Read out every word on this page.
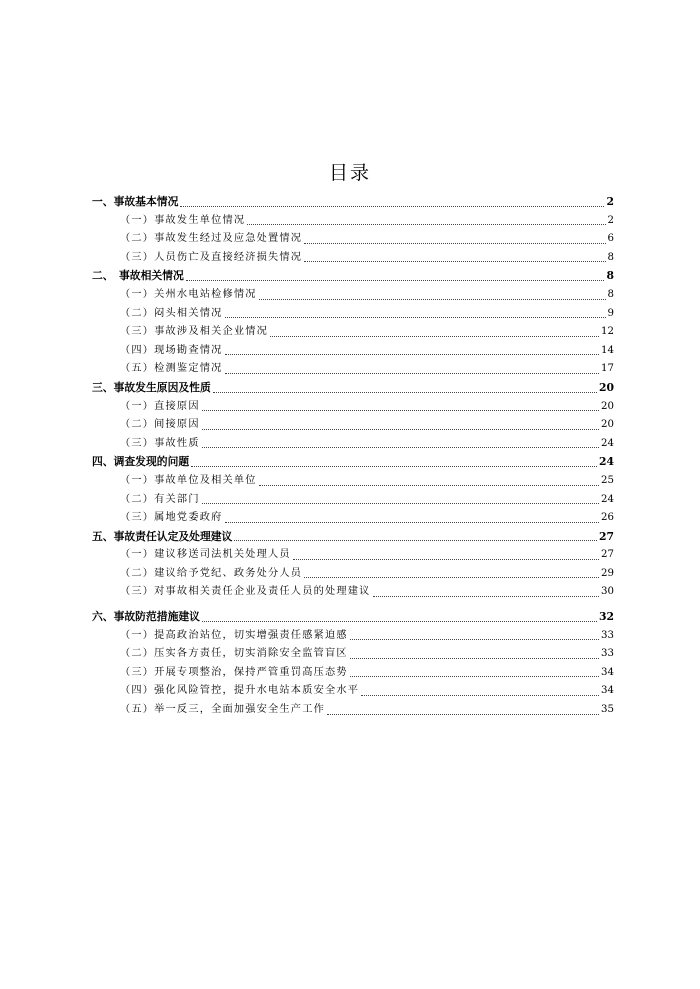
目录
一、事故基本情况	2
（一）事故发生单位情况	2
（二）事故发生经过及应急处置情况	6
（三）人员伤亡及直接经济损失情况	8
二、　事故相关情况	8
（一）关州水电站检修情况	8
（二）闷头相关情况	9
（三）事故涉及相关企业情况	12
（四）现场勘查情况	14
（五）检测鉴定情况	17
三、事故发生原因及性质	20
（一）直接原因	20
（二）间接原因	20
（三）事故性质	24
四、调查发现的问题	24
（一）事故单位及相关单位	25
（二）有关部门	24
（三）属地党委政府	26
五、事故责任认定及处理建议	27
（一）建议移送司法机关处理人员	27
（二）建议给予党纪、政务处分人员	29
（三）对事故相关责任企业及责任人员的处理建议	30
六、事故防范措施建议	32
（一）提高政治站位，切实增强责任感紧迫感	33
（二）压实各方责任，切实消除安全监管盲区	33
（三）开展专项整治，保持严管重罚高压态势	34
（四）强化风险管控，提升水电站本质安全水平	34
（五）举一反三，全面加强安全生产工作	35
